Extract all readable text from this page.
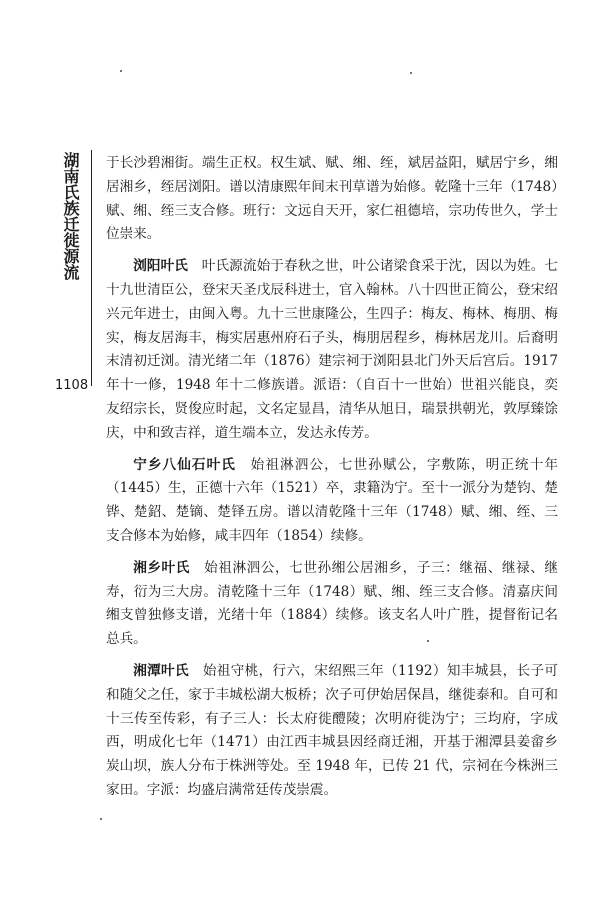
湖南氏族迁徙源流
1108

于长沙碧湘街。端生正权。权生斌、赋、缃、绖，斌居益阳，赋居宁乡，缃居湘乡，绖居浏阳。谱以清康熙年间末刊草谱为始修。乾隆十三年（1748）赋、缃、绖三支合修。班行：文远自天开，家仁祖德培，宗功传世久，学士位崇来。

浏阳叶氏　叶氏源流始于春秋之世，叶公诸梁食采于沈，因以为姓。七十九世清臣公，登宋天圣戊辰科进士，官入翰林。八十四世正简公，登宋绍兴元年进士，由闽入粤。九十三世康隆公，生四子：梅友、梅林、梅朋、梅实，梅友居海丰，梅实居惠州府石子头，梅朋居程乡，梅林居龙川。后裔明末清初迁浏。清光绪二年（1876）建宗祠于浏阳县北门外天后宫后。1917 年十一修，1948 年十二修族谱。派语：（自百十一世始）世祖兴能良，奕友绍宗长，贤俊应时起，文名定显昌，清华从旭日，瑞景拱朝光，敦厚臻馀庆，中和致吉祥，道生端本立，发达永传芳。

宁乡八仙石叶氏　始祖淋泗公，七世孙赋公，字敷陈，明正统十年（1445）生，正德十六年（1521）卒，隶籍沩宁。至十一派分为楚钧、楚铧、楚鉊、楚镝、楚铎五房。谱以清乾隆十三年（1748）赋、缃、绖、三支合修本为始修，咸丰四年（1854）续修。

湘乡叶氏　始祖淋泗公，七世孙缃公居湘乡，子三：继福、继禄、继寿，衍为三大房。清乾隆十三年（1748）赋、缃、绖三支合修。清嘉庆间缃支曾独修支谱，光绪十年（1884）续修。该支名人叶广胜，提督衔记名总兵。

湘潭叶氏　始祖守桃，行六，宋绍熙三年（1192）知丰城县，长子可和随父之任，家于丰城松湖大板桥；次子可伊始居保昌，继徙泰和。自可和十三传至传彩，有子三人：长太府徙醴陵；次明府徙沩宁；三均府，字成西，明成化七年（1471）由江西丰城县因经商迁湘，开基于湘潭县姜畲乡炭山坝，族人分布于株洲等处。至 1948 年，已传 21 代，宗祠在今株洲三家田。字派：均盛启满常廷传茂崇震。
